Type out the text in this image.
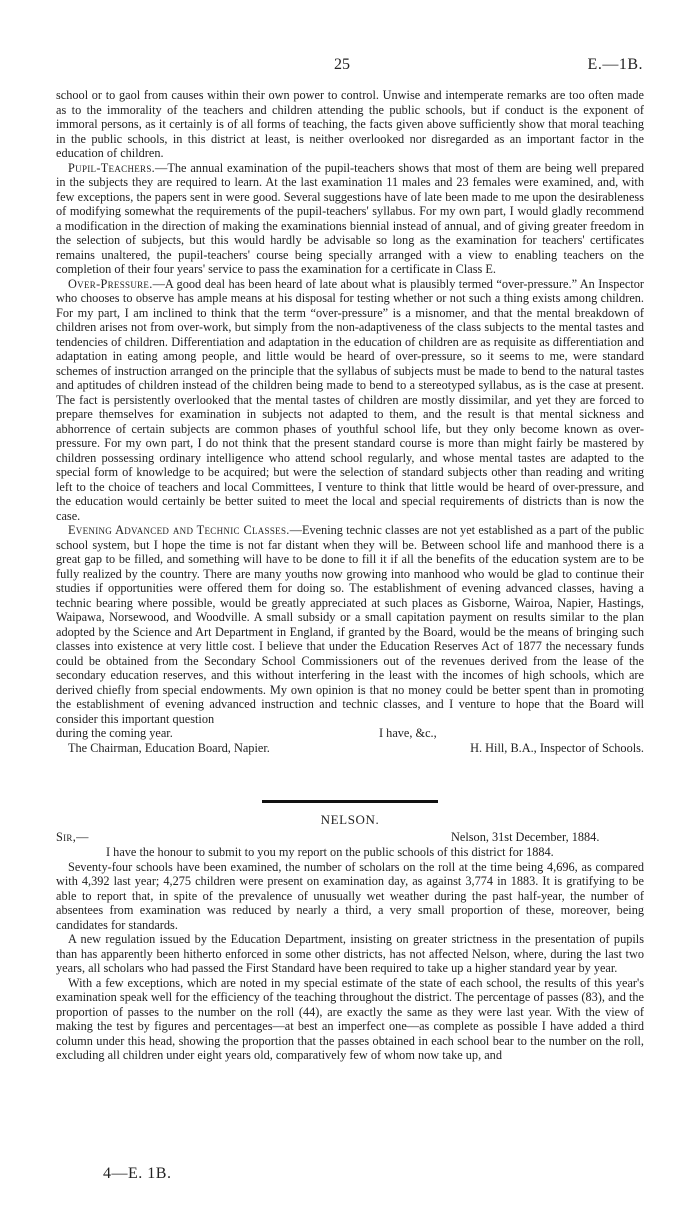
25	E.—1B.

school or to gaol from causes within their own power to control. Unwise and intemperate remarks are too often made as to the immorality of the teachers and children attending the public schools, but if conduct is the exponent of immoral persons, as it certainly is of all forms of teaching, the facts given above sufficiently show that moral teaching in the public schools, in this district at least, is neither overlooked nor disregarded as an important factor in the education of children.

Pupil-Teachers.—The annual examination of the pupil-teachers shows that most of them are being well prepared in the subjects they are required to learn. At the last examination 11 males and 23 females were examined, and, with few exceptions, the papers sent in were good. Several suggestions have of late been made to me upon the desirableness of modifying somewhat the requirements of the pupil-teachers' syllabus. For my own part, I would gladly recommend a modification in the direction of making the examinations biennial instead of annual, and of giving greater freedom in the selection of subjects, but this would hardly be advisable so long as the examination for teachers' certificates remains unaltered, the pupil-teachers' course being specially arranged with a view to enabling teachers on the completion of their four years' service to pass the examination for a certificate in Class E.

Over-Pressure.—A good deal has been heard of late about what is plausibly termed “over-pressure.” An Inspector who chooses to observe has ample means at his disposal for testing whether or not such a thing exists among children. For my part, I am inclined to think that the term “over-pressure” is a misnomer, and that the mental breakdown of children arises not from over-work, but simply from the non-adaptiveness of the class subjects to the mental tastes and tendencies of children. Differentiation and adaptation in the education of children are as requisite as differentiation and adaptation in eating among people, and little would be heard of over-pressure, so it seems to me, were standard schemes of instruction arranged on the principle that the syllabus of subjects must be made to bend to the natural tastes and aptitudes of children instead of the children being made to bend to a stereotyped syllabus, as is the case at present. The fact is persistently overlooked that the mental tastes of children are mostly dissimilar, and yet they are forced to prepare themselves for examination in subjects not adapted to them, and the result is that mental sickness and abhorrence of certain subjects are common phases of youthful school life, but they only become known as over-pressure. For my own part, I do not think that the present standard course is more than might fairly be mastered by children possessing ordinary intelligence who attend school regularly, and whose mental tastes are adapted to the special form of knowledge to be acquired; but were the selection of standard subjects other than reading and writing left to the choice of teachers and local Committees, I venture to think that little would be heard of over-pressure, and the education would certainly be better suited to meet the local and special requirements of districts than is now the case.

Evening Advanced and Technic Classes.—Evening technic classes are not yet established as a part of the public school system, but I hope the time is not far distant when they will be. Between school life and manhood there is a great gap to be filled, and something will have to be done to fill it if all the benefits of the education system are to be fully realized by the country. There are many youths now growing into manhood who would be glad to continue their studies if opportunities were offered them for doing so. The establishment of evening advanced classes, having a technic bearing where possible, would be greatly appreciated at such places as Gisborne, Wairoa, Napier, Hastings, Waipawa, Norsewood, and Woodville. A small subsidy or a small capitation payment on results similar to the plan adopted by the Science and Art Department in England, if granted by the Board, would be the means of bringing such classes into existence at very little cost. I believe that under the Education Reserves Act of 1877 the necessary funds could be obtained from the Secondary School Commissioners out of the revenues derived from the lease of the secondary education reserves, and this without interfering in the least with the incomes of high schools, which are derived chiefly from special endowments. My own opinion is that no money could be better spent than in promoting the establishment of evening advanced instruction and technic classes, and I venture to hope that the Board will consider this important question

during the coming year.	I have, &c.,
The Chairman, Education Board, Napier.	H. Hill, B.A., Inspector of Schools.
NELSON.
Sir,—	Nelson, 31st December, 1884.

I have the honour to submit to you my report on the public schools of this district for 1884.

Seventy-four schools have been examined, the number of scholars on the roll at the time being 4,696, as compared with 4,392 last year; 4,275 children were present on examination day, as against 3,774 in 1883. It is gratifying to be able to report that, in spite of the prevalence of unusually wet weather during the past half-year, the number of absentees from examination was reduced by nearly a third, a very small proportion of these, moreover, being candidates for standards.

A new regulation issued by the Education Department, insisting on greater strictness in the presentation of pupils than has apparently been hitherto enforced in some other districts, has not affected Nelson, where, during the last two years, all scholars who had passed the First Standard have been required to take up a higher standard year by year.

With a few exceptions, which are noted in my special estimate of the state of each school, the results of this year's examination speak well for the efficiency of the teaching throughout the district. The percentage of passes (83), and the proportion of passes to the number on the roll (44), are exactly the same as they were last year. With the view of making the test by figures and percentages—at best an imperfect one—as complete as possible I have added a third column under this head, showing the proportion that the passes obtained in each school bear to the number on the roll, excluding all children under eight years old, comparatively few of whom now take up, and

4—E. 1B.
